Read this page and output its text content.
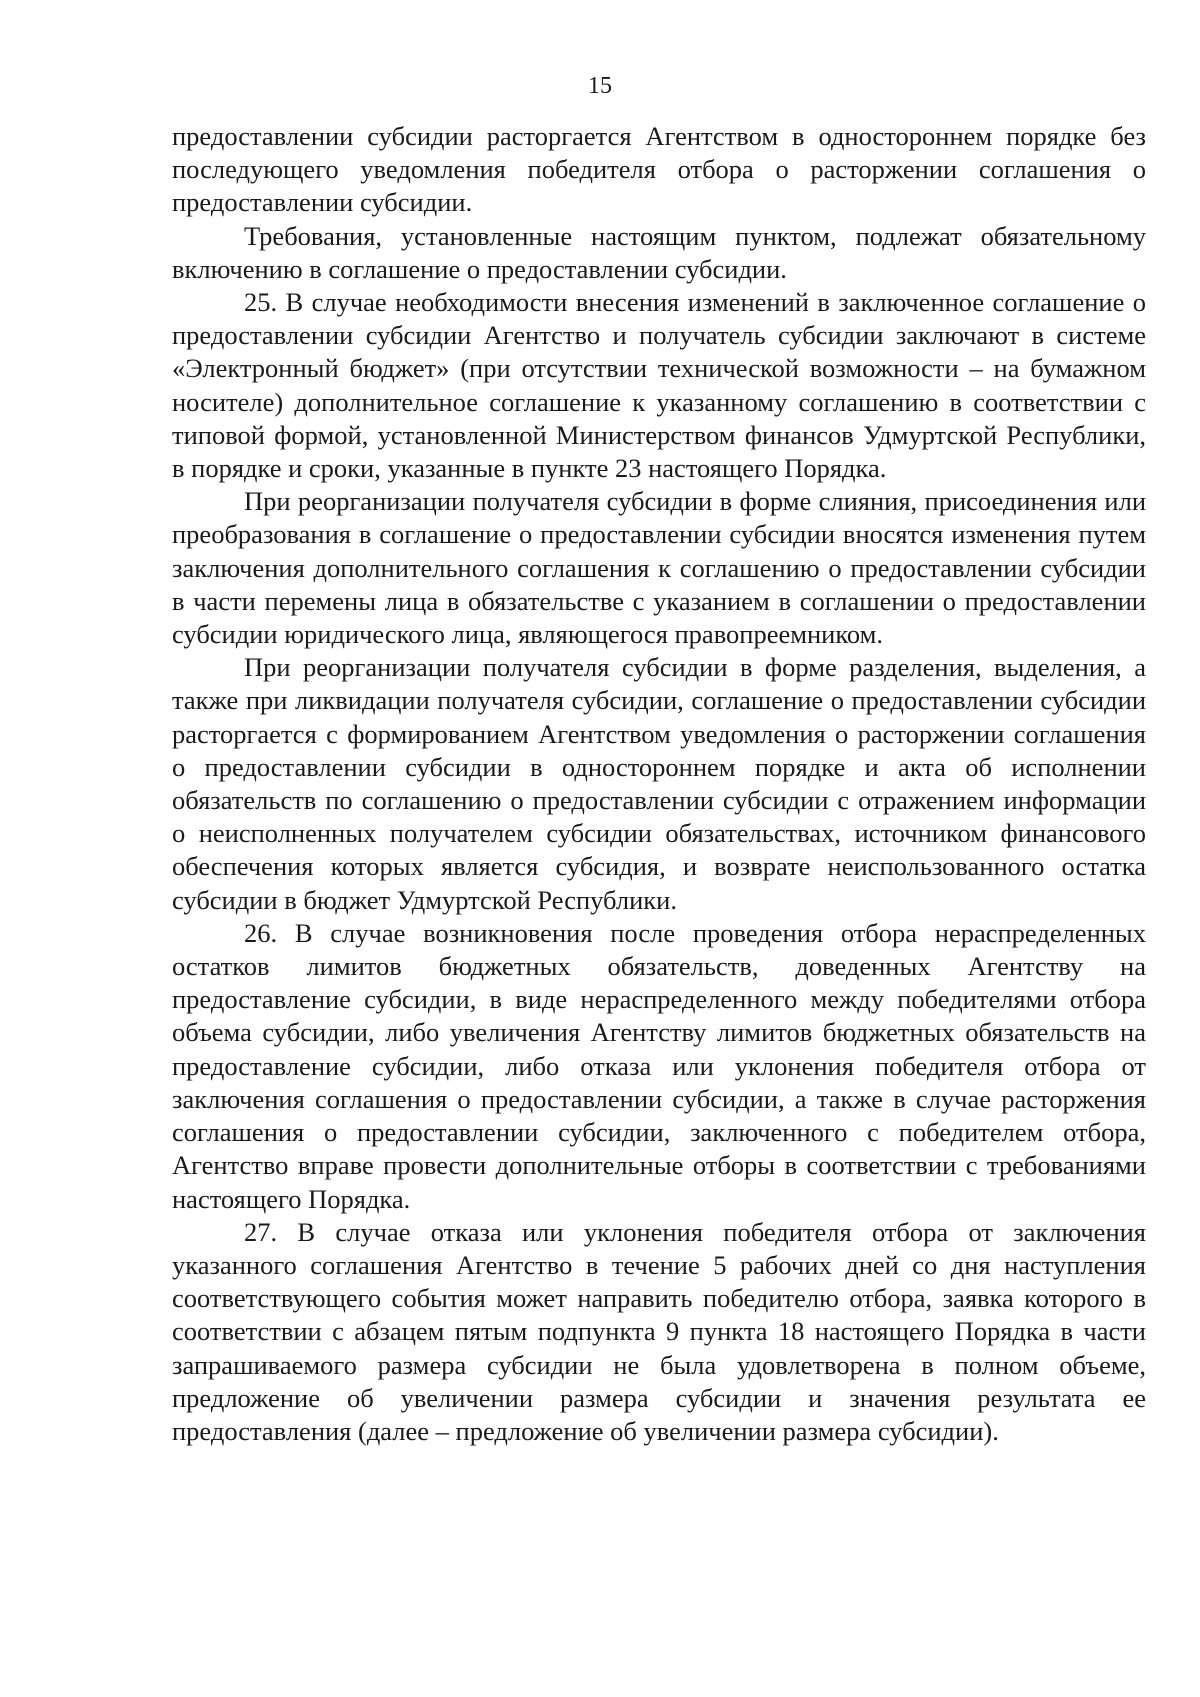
15

предоставлении субсидии расторгается Агентством в одностороннем порядке без последующего уведомления победителя отбора о расторжении соглашения о предоставлении субсидии.

Требования, установленные настоящим пунктом, подлежат обязательному включению в соглашение о предоставлении субсидии.

25. В случае необходимости внесения изменений в заключенное соглашение о предоставлении субсидии Агентство и получатель субсидии заключают в системе «Электронный бюджет» (при отсутствии технической возможности – на бумажном носителе) дополнительное соглашение к указанному соглашению в соответствии с типовой формой, установленной Министерством финансов Удмуртской Республики, в порядке и сроки, указанные в пункте 23 настоящего Порядка.

При реорганизации получателя субсидии в форме слияния, присоединения или преобразования в соглашение о предоставлении субсидии вносятся изменения путем заключения дополнительного соглашения к соглашению о предоставлении субсидии в части перемены лица в обязательстве с указанием в соглашении о предоставлении субсидии юридического лица, являющегося правопреемником.

При реорганизации получателя субсидии в форме разделения, выделения, а также при ликвидации получателя субсидии, соглашение о предоставлении субсидии расторгается с формированием Агентством уведомления о расторжении соглашения о предоставлении субсидии в одностороннем порядке и акта об исполнении обязательств по соглашению о предоставлении субсидии с отражением информации о неисполненных получателем субсидии обязательствах, источником финансового обеспечения которых является субсидия, и возврате неиспользованного остатка субсидии в бюджет Удмуртской Республики.

26. В случае возникновения после проведения отбора нераспределенных остатков лимитов бюджетных обязательств, доведенных Агентству на предоставление субсидии, в виде нераспределенного между победителями отбора объема субсидии, либо увеличения Агентству лимитов бюджетных обязательств на предоставление субсидии, либо отказа или уклонения победителя отбора от заключения соглашения о предоставлении субсидии, а также в случае расторжения соглашения о предоставлении субсидии, заключенного с победителем отбора, Агентство вправе провести дополнительные отборы в соответствии с требованиями настоящего Порядка.

27. В случае отказа или уклонения победителя отбора от заключения указанного соглашения Агентство в течение 5 рабочих дней со дня наступления соответствующего события может направить победителю отбора, заявка которого в соответствии с абзацем пятым подпункта 9 пункта 18 настоящего Порядка в части запрашиваемого размера субсидии не была удовлетворена в полном объеме, предложение об увеличении размера субсидии и значения результата ее предоставления (далее – предложение об увеличении размера субсидии).
